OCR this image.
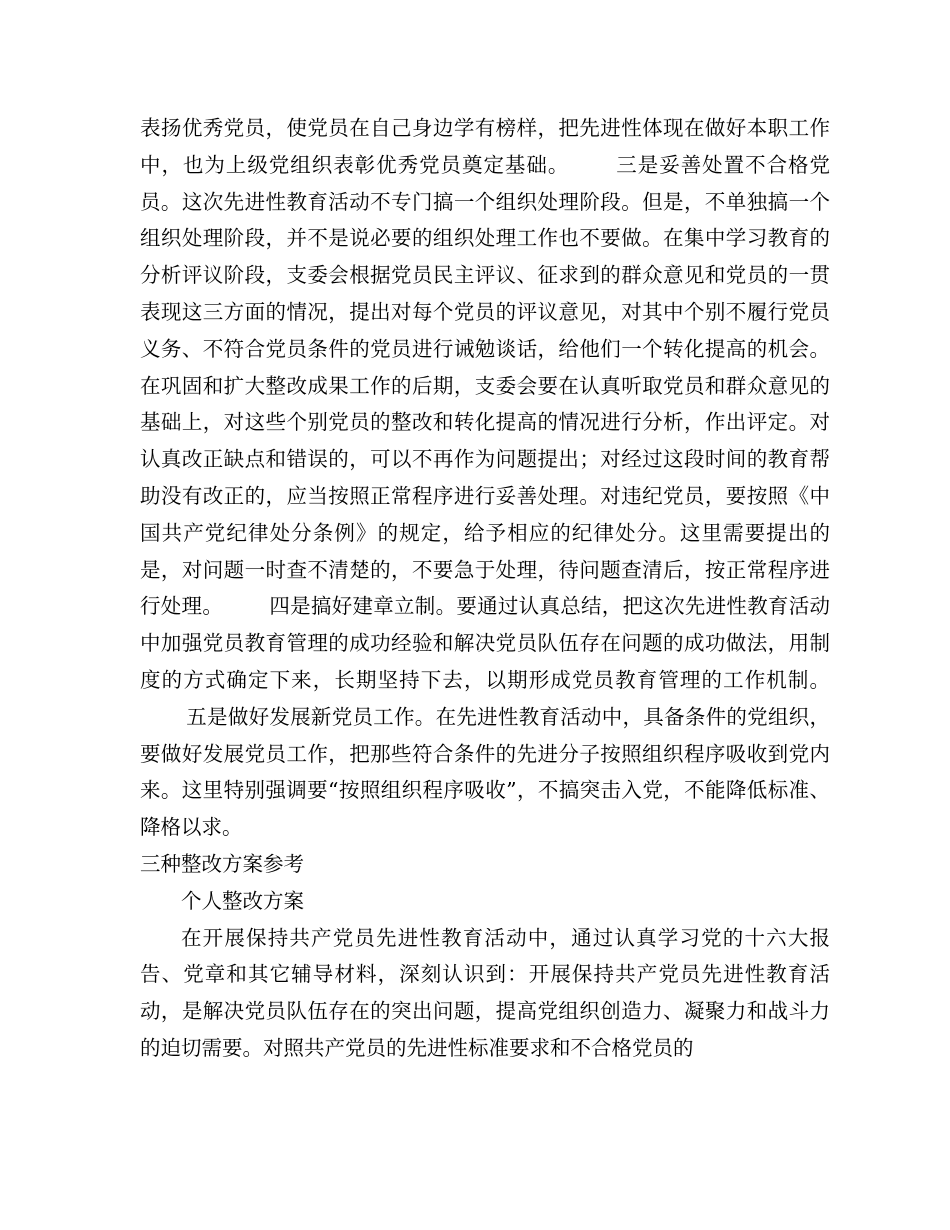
表扬优秀党员，使党员在自己身边学有榜样，把先进性体现在做好本职工作中，也为上级党组织表彰优秀党员奠定基础。 三是妥善处置不合格党员。这次先进性教育活动不专门搞一个组织处理阶段。但是，不单独搞一个组织处理阶段，并不是说必要的组织处理工作也不要做。在集中学习教育的分析评议阶段，支委会根据党员民主评议、征求到的群众意见和党员的一贯表现这三方面的情况，提出对每个党员的评议意见，对其中个别不履行党员义务、不符合党员条件的党员进行诫勉谈话，给他们一个转化提高的机会。在巩固和扩大整改成果工作的后期，支委会要在认真听取党员和群众意见的基础上，对这些个别党员的整改和转化提高的情况进行分析，作出评定。对认真改正缺点和错误的，可以不再作为问题提出；对经过这段时间的教育帮助没有改正的，应当按照正常程序进行妥善处理。对违纪党员，要按照《中国共产党纪律处分条例》的规定，给予相应的纪律处分。这里需要提出的是，对问题一时查不清楚的，不要急于处理，待问题查清后，按正常程序进行处理。 四是搞好建章立制。要通过认真总结，把这次先进性教育活动中加强党员教育管理的成功经验和解决党员队伍存在问题的成功做法，用制度的方式确定下来，长期坚持下去，以期形成党员教育管理的工作机制。五是做好发展新党员工作。在先进性教育活动中，具备条件的党组织，要做好发展党员工作，把那些符合条件的先进分子按照组织程序吸收到党内来。这里特别强调要“按照组织程序吸收”，不搞突击入党，不能降低标准、降格以求。

三种整改方案参考

个人整改方案

在开展保持共产党员先进性教育活动中，通过认真学习党的十六大报告、党章和其它辅导材料，深刻认识到：开展保持共产党员先进性教育活动，是解决党员队伍存在的突出问题，提高党组织创造力、凝聚力和战斗力的迫切需要。对照共产党员的先进性标准要求和不合格党员的
